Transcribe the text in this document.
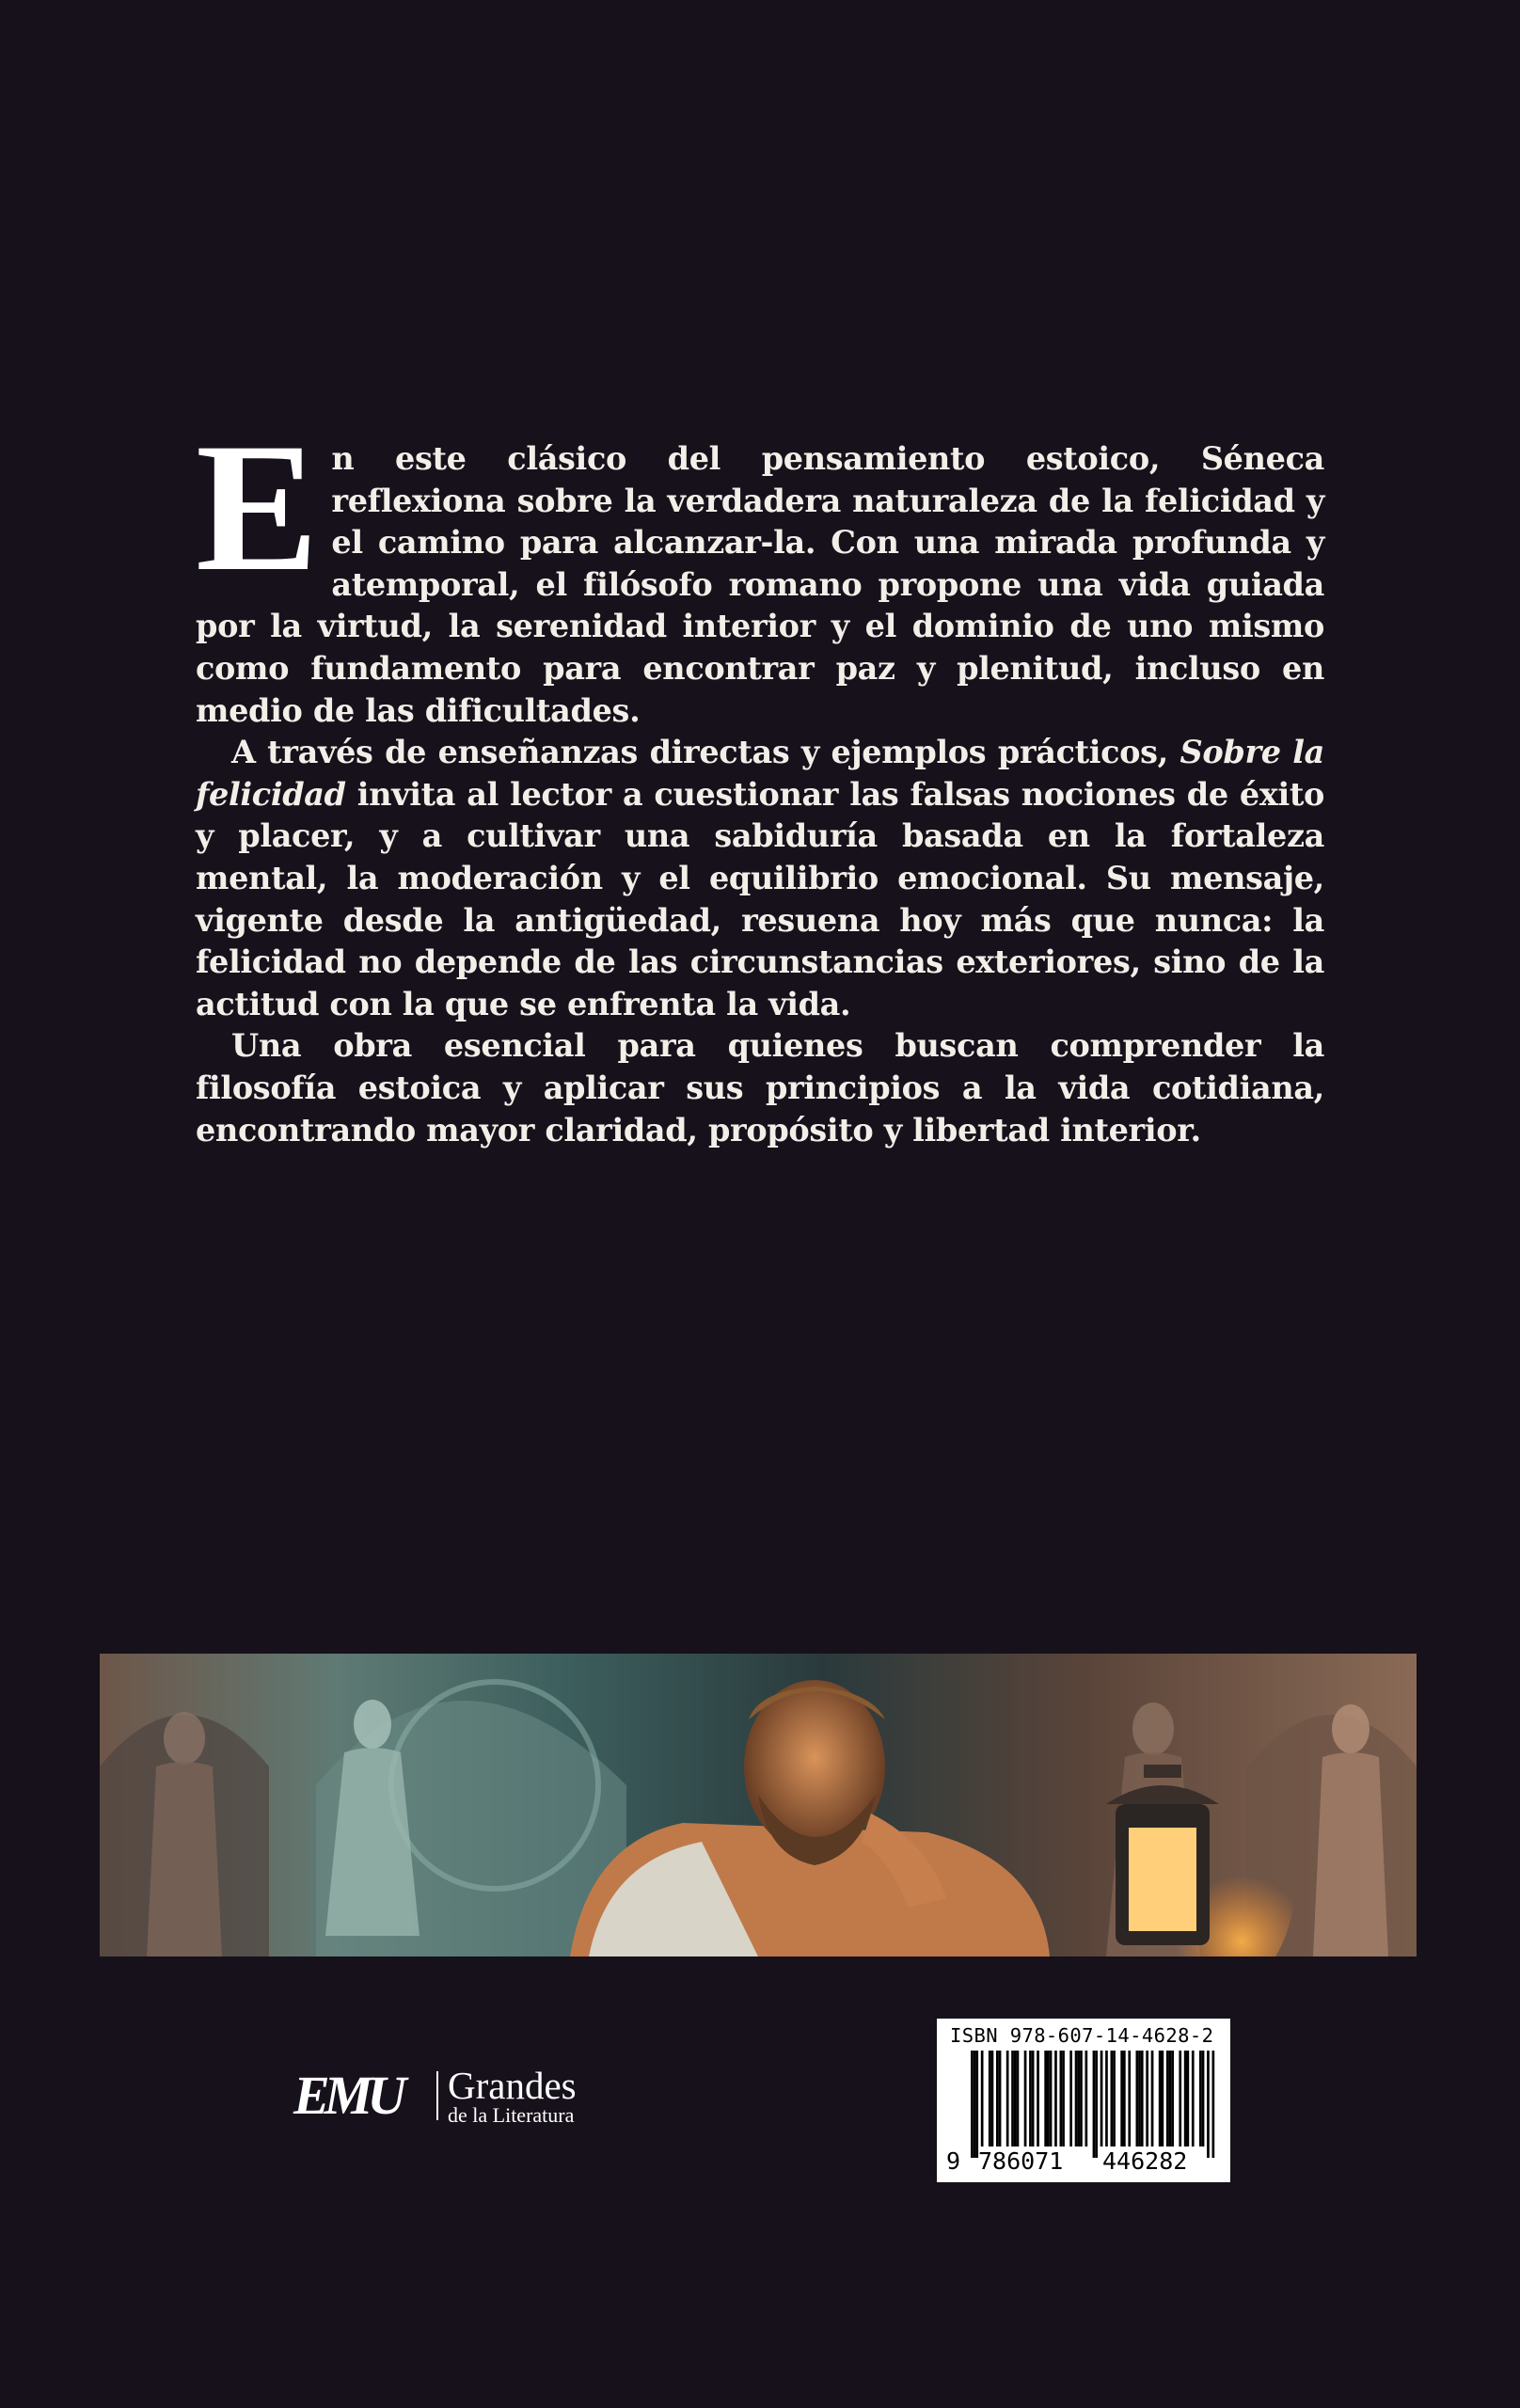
En este clásico del pensamiento estoico, Séneca reflexiona sobre la verdadera naturaleza de la felicidad y el camino para alcanzar-la. Con una mirada profunda y atemporal, el filósofo romano propone una vida guiada por la virtud, la serenidad interior y el dominio de uno mismo como fundamento para encontrar paz y plenitud, incluso en medio de las dificultades.

A través de enseñanzas directas y ejemplos prácticos, Sobre la felicidad invita al lector a cuestionar las falsas nociones de éxito y placer, y a cultivar una sabiduría basada en la fortaleza mental, la moderación y el equilibrio emocional. Su mensaje, vigente desde la antigüedad, resuena hoy más que nunca: la felicidad no depende de las circunstancias exteriores, sino de la actitud con la que se enfrenta la vida.

Una obra esencial para quienes buscan comprender la filosofía estoica y aplicar sus principios a la vida cotidiana, encontrando mayor claridad, propósito y libertad interior.

EMU Grandes
de la Literatura
ISBN 978-607-14-4628-2
9 786071 446282
